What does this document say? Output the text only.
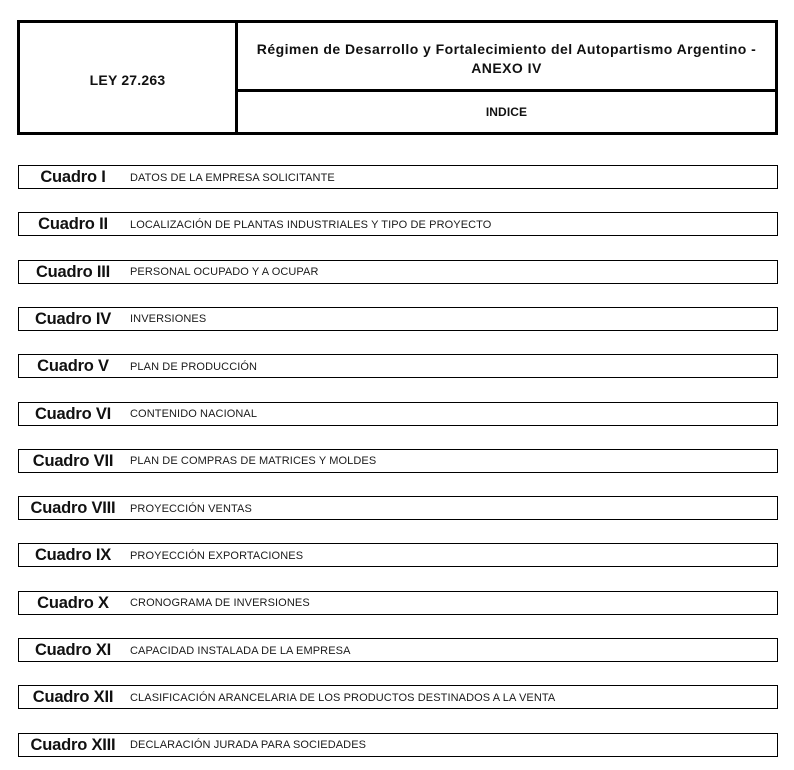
LEY 27.263
Régimen de Desarrollo y Fortalecimiento del Autopartismo Argentino -
ANEXO IV
INDICE
Cuadro I	DATOS DE LA EMPRESA SOLICITANTE
Cuadro II	LOCALIZACIÓN DE PLANTAS INDUSTRIALES Y TIPO DE PROYECTO
Cuadro III	PERSONAL OCUPADO Y A OCUPAR
Cuadro IV	INVERSIONES
Cuadro V	PLAN DE PRODUCCIÓN
Cuadro VI	CONTENIDO NACIONAL
Cuadro VII	PLAN DE COMPRAS DE MATRICES Y MOLDES
Cuadro VIII	PROYECCIÓN VENTAS
Cuadro IX	PROYECCIÓN EXPORTACIONES
Cuadro X	CRONOGRAMA DE INVERSIONES
Cuadro XI	CAPACIDAD INSTALADA DE LA EMPRESA
Cuadro XII	CLASIFICACIÓN ARANCELARIA DE LOS PRODUCTOS DESTINADOS A LA VENTA
Cuadro XIII	DECLARACIÓN JURADA PARA SOCIEDADES
